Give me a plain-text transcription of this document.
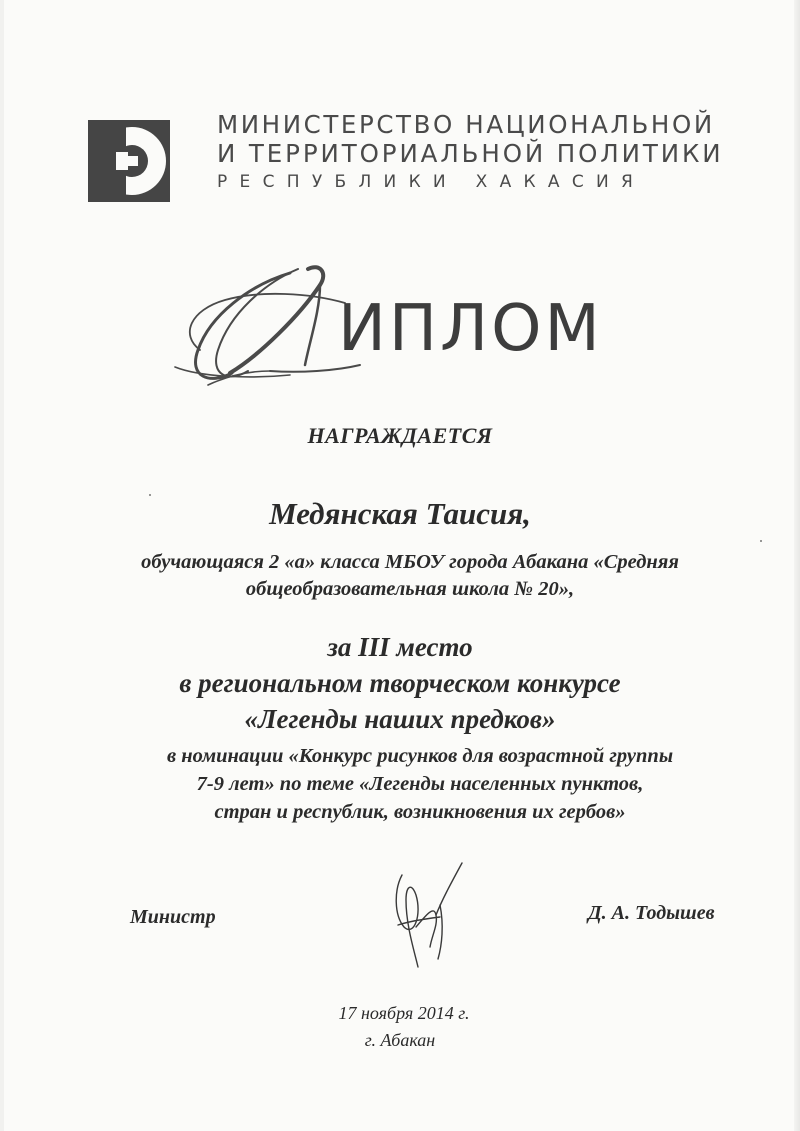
МИНИСТЕРСТВО НАЦИОНАЛЬНОЙ
И ТЕРРИТОРИАЛЬНОЙ ПОЛИТИКИ
РЕСПУБЛИКИ ХАКАСИЯ
ИПЛОМ
НАГРАЖДАЕТСЯ
Медянская Таисия,
обучающаяся 2 «а» класса МБОУ города Абакана «Средняя
общеобразовательная школа № 20»,
за III место
в региональном творческом конкурсе
«Легенды наших предков»
в номинации «Конкурс рисунков для возрастной группы
7-9 лет» по теме «Легенды населенных пунктов,
стран и республик, возникновения их гербов»
Министр	Д. А. Тодышев
17 ноября 2014 г.
г. Абакан
